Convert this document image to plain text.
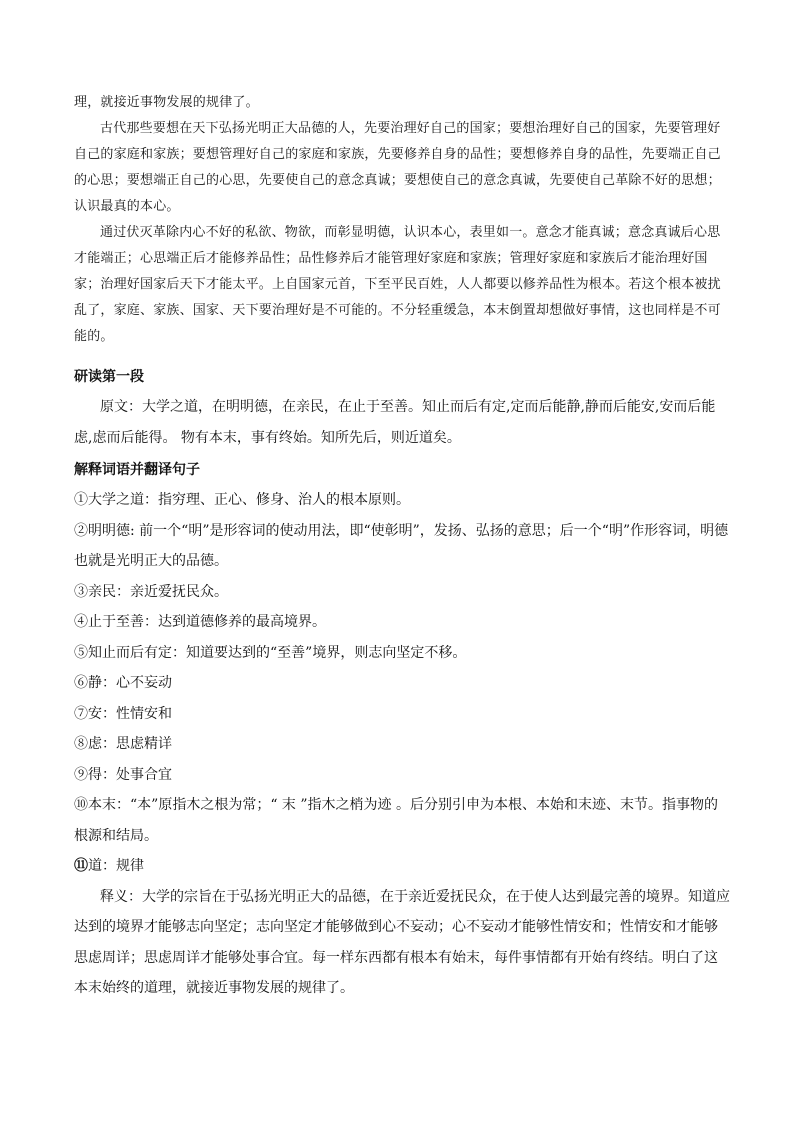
理，就接近事物发展的规律了。

古代那些要想在天下弘扬光明正大品德的人，先要治理好自己的国家；要想治理好自己的国家，先要管理好自己的家庭和家族；要想管理好自己的家庭和家族，先要修养自身的品性；要想修养自身的品性，先要端正自己的心思；要想端正自己的心思，先要使自己的意念真诚；要想使自己的意念真诚，先要使自己革除不好的思想；认识最真的本心。

通过伏灭革除内心不好的私欲、物欲，而彰显明德，认识本心，表里如一。意念才能真诚；意念真诚后心思才能端正；心思端正后才能修养品性；品性修养后才能管理好家庭和家族；管理好家庭和家族后才能治理好国家；治理好国家后天下才能太平。上自国家元首，下至平民百姓，人人都要以修养品性为根本。若这个根本被扰乱了，家庭、家族、国家、天下要治理好是不可能的。不分轻重缓急，本末倒置却想做好事情，这也同样是不可能的。

研读第一段

原文：大学之道，在明明德，在亲民，在止于至善。知止而后有定,定而后能静,静而后能安,安而后能虑,虑而后能得。 物有本末，事有终始。知所先后，则近道矣。

解释词语并翻译句子

①大学之道：指穷理、正心、修身、治人的根本原则。

②明明德: 前一个“明”是形容词的使动用法，即“使彰明”，发扬、弘扬的意思；后一个“明”作形容词，明德也就是光明正大的品德。

③亲民：亲近爱抚民众。

④止于至善：达到道德修养的最高境界。

⑤知止而后有定：知道要达到的“至善”境界，则志向坚定不移。

⑥静：心不妄动

⑦安：性情安和

⑧虑：思虑精详

⑨得：处事合宜

⑩本末：“本”原指木之根为常；“ 末 ”指木之梢为迹 。后分别引申为本根、本始和末迹、末节。指事物的根源和结局。

⑪道：规律

释义：大学的宗旨在于弘扬光明正大的品德，在于亲近爱抚民众，在于使人达到最完善的境界。知道应达到的境界才能够志向坚定；志向坚定才能够做到心不妄动；心不妄动才能够性情安和；性情安和才能够思虑周详；思虑周详才能够处事合宜。每一样东西都有根本有始末，每件事情都有开始有终结。明白了这本末始终的道理，就接近事物发展的规律了。
